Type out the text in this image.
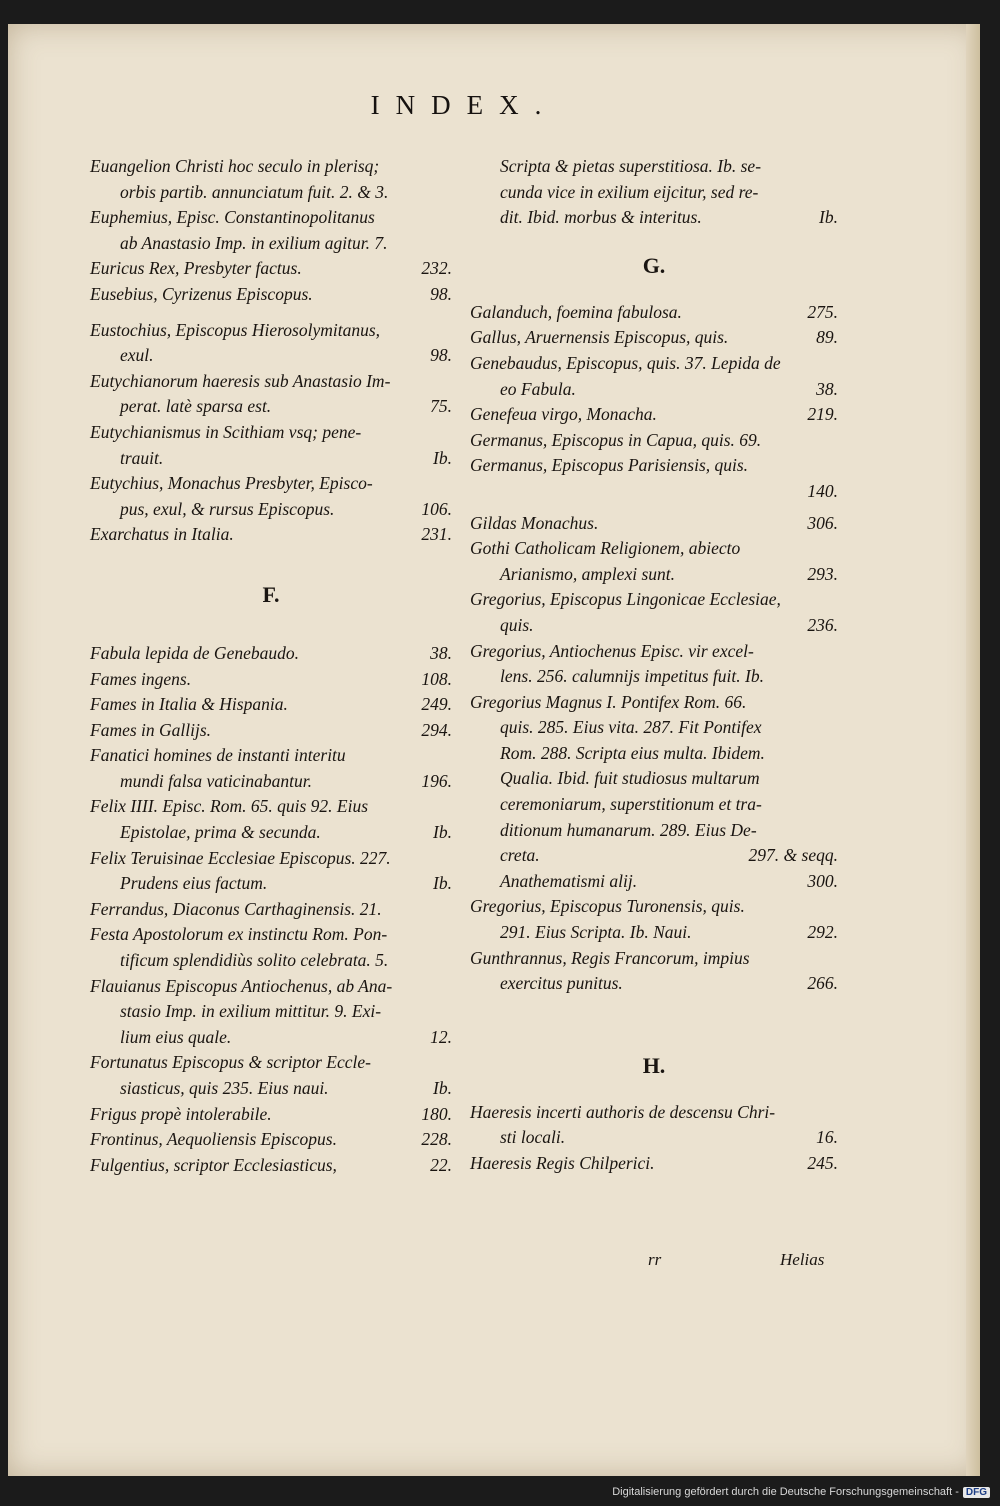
INDEX.
Euangelion Christi hoc seculo in plerisq;
orbis partib. annunciatum fuit. 2. & 3.
Euphemius, Episc. Constantinopolitanus
ab Anastasio Imp. in exilium agitur. 7.
Euricus Rex, Presbyter factus.	232.
Eusebius, Cyrizenus Episcopus.	98.
Eustochius, Episcopus Hierosolymitanus,
exul.	98.
Eutychianorum haeresis sub Anastasio Im-
perat. latè sparsa est.	75.
Eutychianismus in Scithiam vsq; pene-
trauit.	Ib.
Eutychius, Monachus Presbyter, Episco-
pus, exul, & rursus Episcopus.	106.
Exarchatus in Italia.	231.
F.
Fabula lepida de Genebaudo.	38.
Fames ingens.	108.
Fames in Italia & Hispania.	249.
Fames in Gallijs.	294.
Fanatici homines de instanti interitu
mundi falsa vaticinabantur.	196.
Felix IIII. Episc. Rom. 65. quis 92. Eius
Epistolae, prima & secunda.	Ib.
Felix Teruisinae Ecclesiae Episcopus. 227.
Prudens eius factum.	Ib.
Ferrandus, Diaconus Carthaginensis. 21.
Festa Apostolorum ex instinctu Rom. Pon-
tificum splendidiùs solito celebrata. 5.
Flauianus Episcopus Antiochenus, ab Ana-
stasio Imp. in exilium mittitur. 9. Exi-
lium eius quale.	12.
Fortunatus Episcopus & scriptor Eccle-
siasticus, quis 235. Eius naui.	Ib.
Frigus propè intolerabile.	180.
Frontinus, Aequoliensis Episcopus.	228.
Fulgentius, scriptor Ecclesiasticus,	22.
Scripta & pietas superstitiosa. Ib. se-
cunda vice in exilium eijcitur, sed re-
dit. Ibid. morbus & interitus.	Ib.
G.
Galanduch, foemina fabulosa.	275.
Gallus, Aruernensis Episcopus, quis.	89.
Genebaudus, Episcopus, quis. 37. Lepida de
eo Fabula.	38.
Genefeua virgo, Monacha.	219.
Germanus, Episcopus in Capua, quis. 69.
Germanus, Episcopus Parisiensis, quis.
140.
Gildas Monachus.	306.
Gothi Catholicam Religionem, abiecto
Arianismo, amplexi sunt.	293.
Gregorius, Episcopus Lingonicae Ecclesiae,
quis.	236.
Gregorius, Antiochenus Episc. vir excel-
lens. 256. calumnijs impetitus fuit. Ib.
Gregorius Magnus I. Pontifex Rom. 66.
quis. 285. Eius vita. 287. Fit Pontifex
Rom. 288. Scripta eius multa. Ibidem.
Qualia. Ibid. fuit studiosus multarum
ceremoniarum, superstitionum et tra-
ditionum humanarum. 289. Eius De-
creta.	297. & seqq.
Anathematismi alij.	300.
Gregorius, Episcopus Turonensis, quis.
291. Eius Scripta. Ib. Naui.	292.
Gunthrannus, Regis Francorum, impius
exercitus punitus.	266.
H.
Haeresis incerti authoris de descensu Chri-
sti locali.	16.
Haeresis Regis Chilperici.	245.
rr	Helias
Digitalisierung gefördert durch die Deutsche Forschungsgemeinschaft - DFG
